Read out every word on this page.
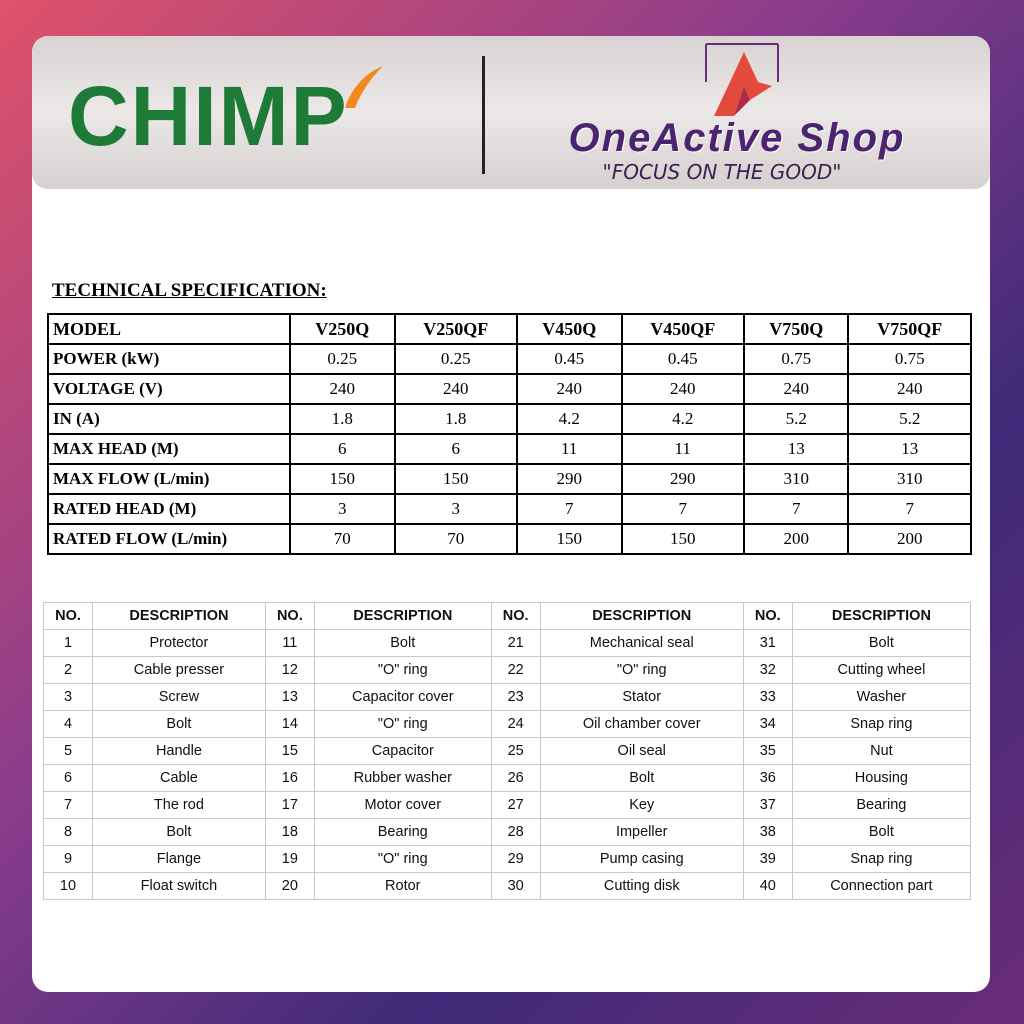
CHIMP	OneActive Shop
"FOCUS ON THE GOOD"
TECHNICAL SPECIFICATION:
MODEL	V250Q	V250QF	V450Q	V450QF	V750Q	V750QF
POWER (kW)	0.25	0.25	0.45	0.45	0.75	0.75
VOLTAGE (V)	240	240	240	240	240	240
IN (A)	1.8	1.8	4.2	4.2	5.2	5.2
MAX HEAD (M)	6	6	11	11	13	13
MAX FLOW (L/min)	150	150	290	290	310	310
RATED HEAD (M)	3	3	7	7	7	7
RATED FLOW (L/min)	70	70	150	150	200	200
NO.	DESCRIPTION	NO.	DESCRIPTION	NO.	DESCRIPTION	NO.	DESCRIPTION
1	Protector	11	Bolt	21	Mechanical seal	31	Bolt
2	Cable presser	12	"O" ring	22	"O" ring	32	Cutting wheel
3	Screw	13	Capacitor cover	23	Stator	33	Washer
4	Bolt	14	"O" ring	24	Oil chamber cover	34	Snap ring
5	Handle	15	Capacitor	25	Oil seal	35	Nut
6	Cable	16	Rubber washer	26	Bolt	36	Housing
7	The rod	17	Motor cover	27	Key	37	Bearing
8	Bolt	18	Bearing	28	Impeller	38	Bolt
9	Flange	19	"O" ring	29	Pump casing	39	Snap ring
10	Float switch	20	Rotor	30	Cutting disk	40	Connection part
